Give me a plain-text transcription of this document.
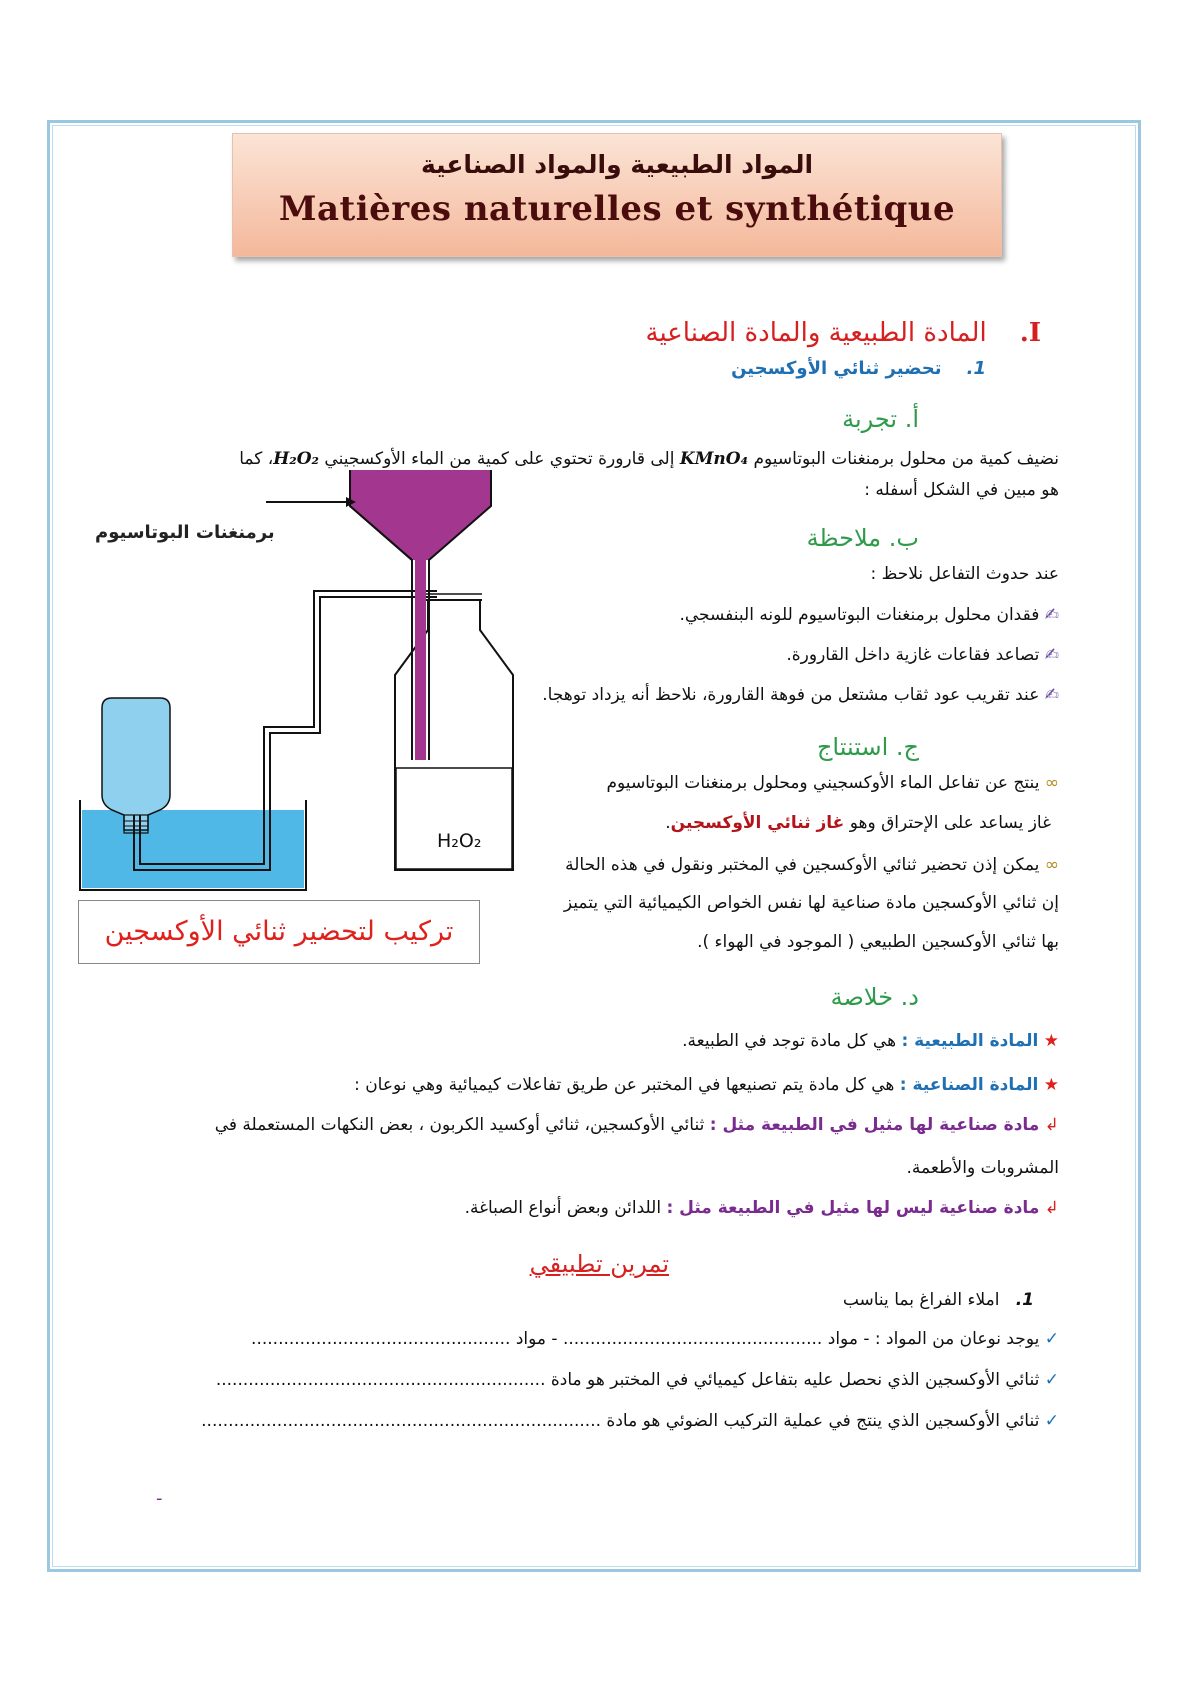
المواد الطبيعية والمواد الصناعية
Matières naturelles et synthétique
I.    المادة الطبيعية والمادة الصناعية
1.    تحضير ثنائي الأوكسجين
أ. تجربة
نضيف كمية من محلول برمنغنات البوتاسيوم KMnO₄ إلى قارورة تحتوي على كمية من الماء الأوكسجيني H₂O₂، كما
هو مبين في الشكل أسفله :
ب. ملاحظة
عند حدوث التفاعل نلاحظ :
✍ فقدان محلول برمنغنات البوتاسيوم للونه البنفسجي.
✍ تصاعد فقاعات غازية داخل القارورة.
✍ عند تقريب عود ثقاب مشتعل من فوهة القارورة، نلاحظ أنه يزداد توهجا.
ج. استنتاج
∞ ينتج عن تفاعل الماء الأوكسجيني ومحلول برمنغنات البوتاسيوم
غاز يساعد على الإحتراق وهو غاز ثنائي الأوكسجين.
∞ يمكن إذن تحضير ثنائي الأوكسجين في المختبر ونقول في هذه الحالة
إن ثنائي الأوكسجين مادة صناعية لها نفس الخواص الكيميائية التي يتميز
بها ثنائي الأوكسجين الطبيعي ( الموجود في الهواء ).
د. خلاصة
★ المادة الطبيعية : هي كل مادة توجد في الطبيعة.
★ المادة الصناعية : هي كل مادة يتم تصنيعها في المختبر عن طريق تفاعلات كيميائية وهي نوعان :
↲ مادة صناعية لها مثيل في الطبيعة مثل : ثنائي الأوكسجين، ثنائي أوكسيد الكربون ، بعض النكهات المستعملة في
المشروبات والأطعمة.
↲ مادة صناعية ليس لها مثيل في الطبيعة مثل : اللدائن وبعض أنواع الصباغة.
تمرين تطبيقي
1.   املاء الفراغ بما يناسب
✓ يوجد نوعان من المواد : - مواد ................................................ - مواد ................................................
✓ ثنائي الأوكسجين الذي نحصل عليه بتفاعل كيميائي في المختبر هو مادة .............................................................
✓ ثنائي الأوكسجين الذي ينتج في عملية التركيب الضوئي هو مادة ..........................................................................
-
H₂O₂
برمنغنات البوتاسيوم
تركيب لتحضير ثنائي الأوكسجين
